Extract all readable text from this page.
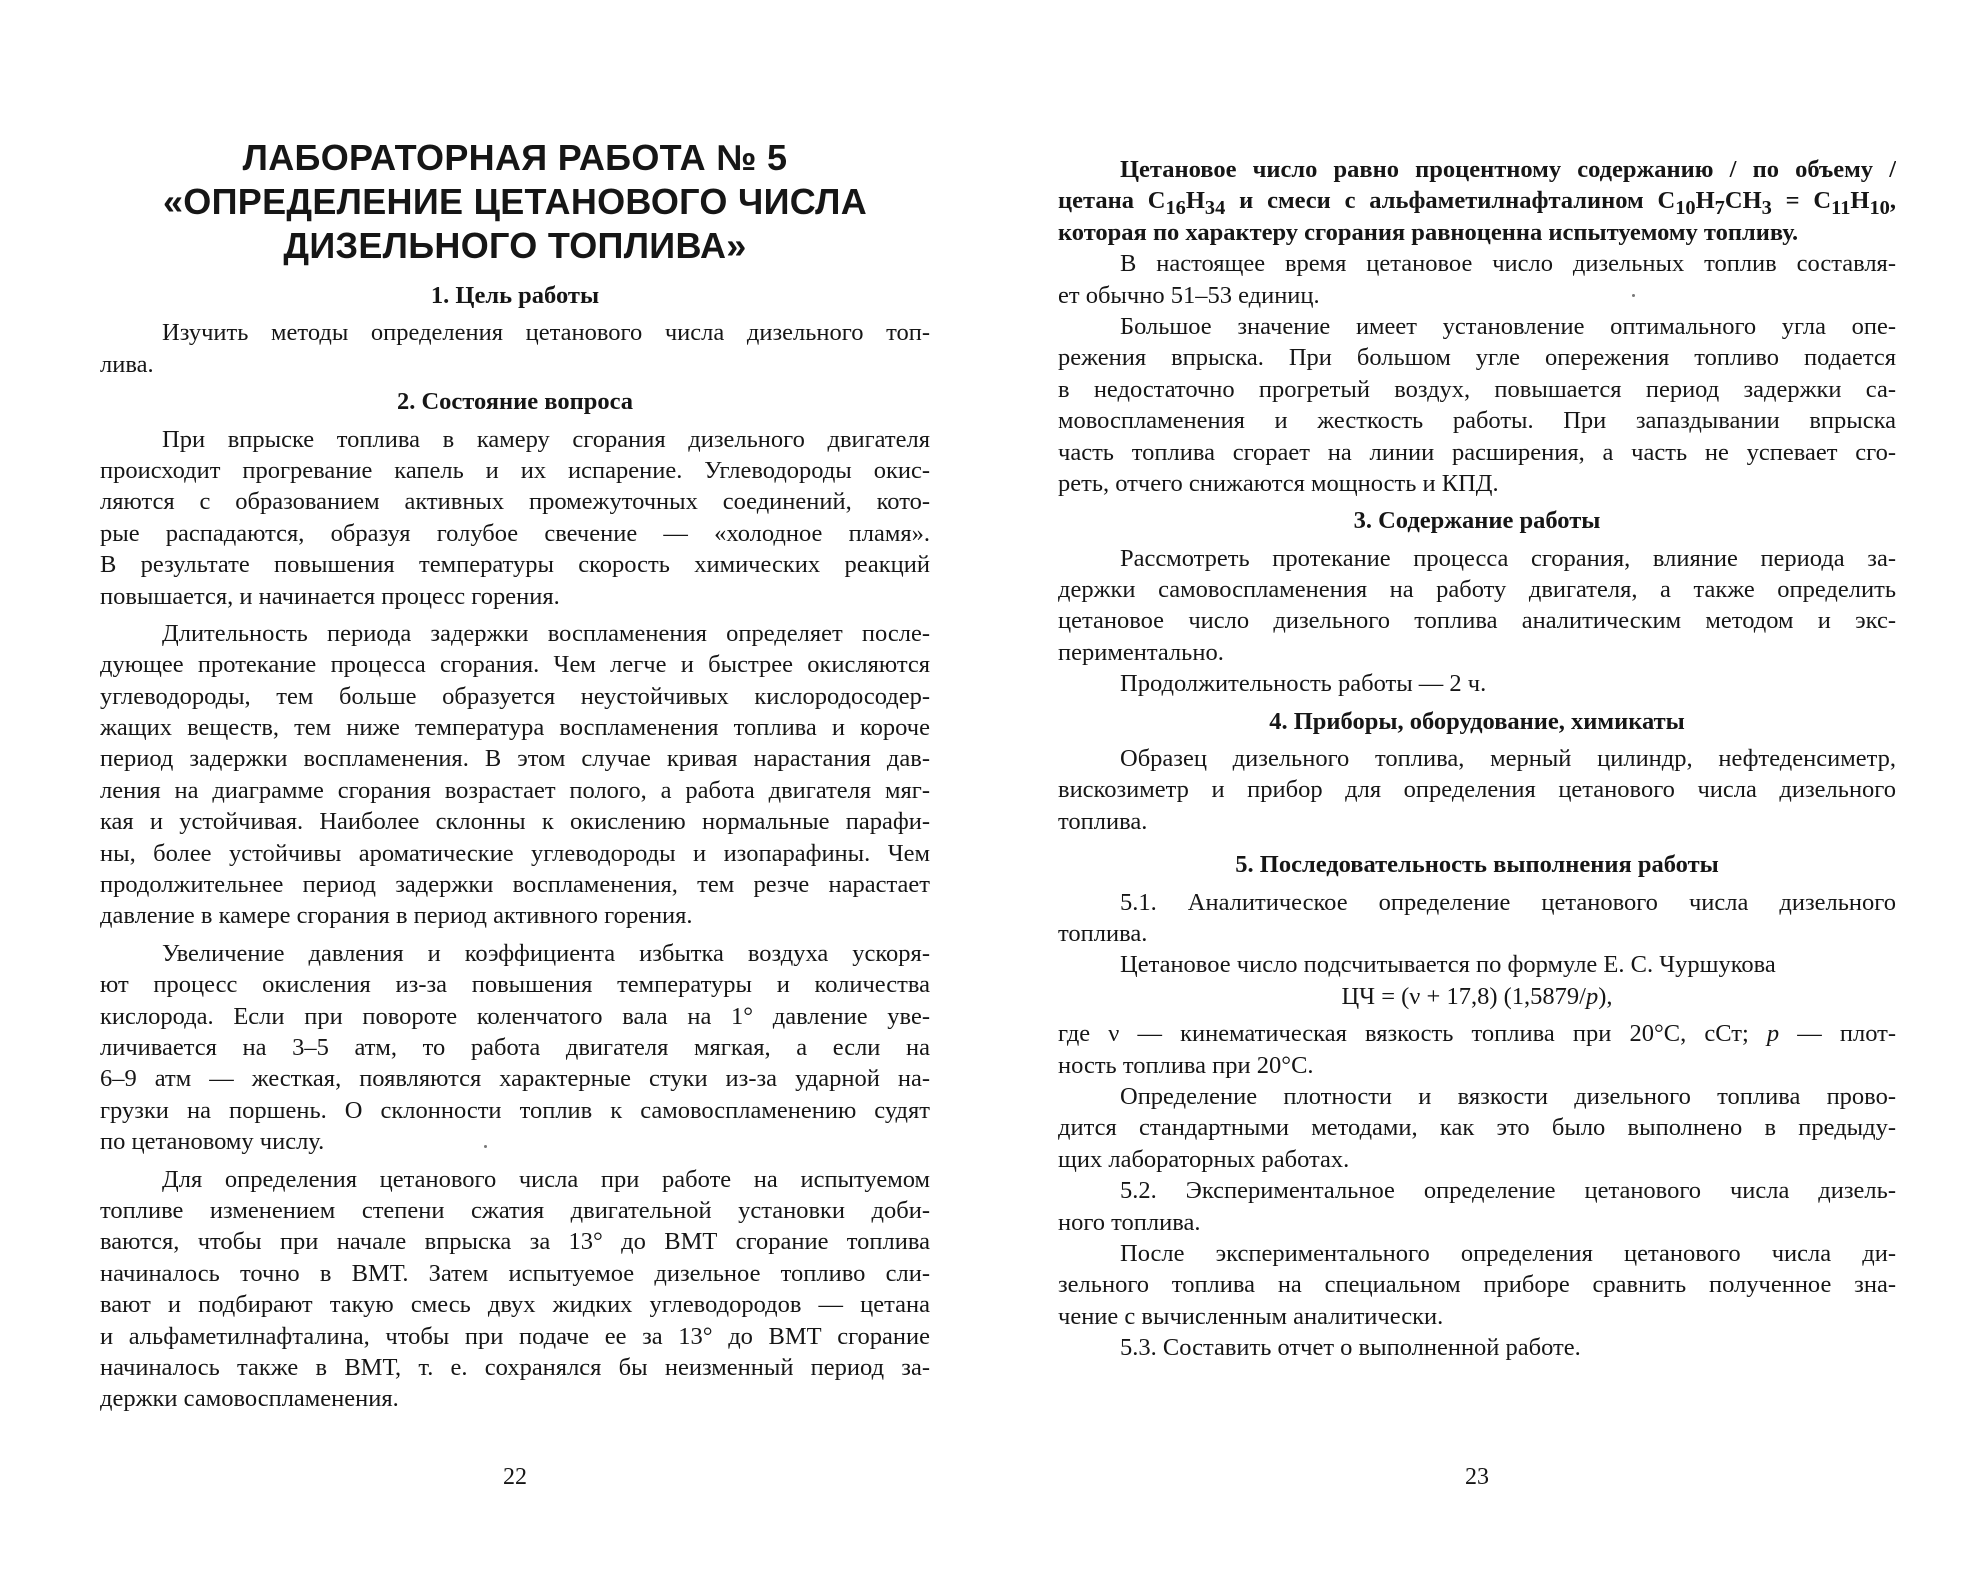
ЛАБОРАТОРНАЯ РАБОТА № 5
«ОПРЕДЕЛЕНИЕ ЦЕТАНОВОГО ЧИСЛА
ДИЗЕЛЬНОГО ТОПЛИВА»
1. Цель работы
Изучить методы определения цетанового числа дизельного топ-
лива.
2. Состояние вопроса
При впрыске топлива в камеру сгорания дизельного двигателя
происходит прогревание капель и их испарение. Углеводороды окис-
ляются с образованием активных промежуточных соединений, кото-
рые распадаются, образуя голубое свечение — «холодное пламя».
В результате повышения температуры скорость химических реакций
повышается, и начинается процесс горения.
Длительность периода задержки воспламенения определяет после-
дующее протекание процесса сгорания. Чем легче и быстрее окисляются
углеводороды, тем больше образуется неустойчивых кислородосодер-
жащих веществ, тем ниже температура воспламенения топлива и короче
период задержки воспламенения. В этом случае кривая нарастания дав-
ления на диаграмме сгорания возрастает полого, а работа двигателя мяг-
кая и устойчивая. Наиболее склонны к окислению нормальные парафи-
ны, более устойчивы ароматические углеводороды и изопарафины. Чем
продолжительнее период задержки воспламенения, тем резче нарастает
давление в камере сгорания в период активного горения.
Увеличение давления и коэффициента избытка воздуха ускоря-
ют процесс окисления из-за повышения температуры и количества
кислорода. Если при повороте коленчатого вала на 1° давление уве-
личивается на 3–5 атм, то работа двигателя мягкая, а если на
6–9 атм — жесткая, появляются характерные стуки из-за ударной на-
грузки на поршень. О склонности топлив к самовоспламенению судят
по цетановому числу.
Для определения цетанового числа при работе на испытуемом
топливе изменением степени сжатия двигательной установки доби-
ваются, чтобы при начале впрыска за 13° до ВМТ сгорание топлива
начиналось точно в ВМТ. Затем испытуемое дизельное топливо сли-
вают и подбирают такую смесь двух жидких углеводородов — цетана
и альфаметилнафталина, чтобы при подаче ее за 13° до ВМТ сгорание
начиналось также в ВМТ, т. е. сохранялся бы неизменный период за-
держки самовоспламенения.
22
Цетановое число равно процентному содержанию / по объему /
цетана $C_{16}H_{34}$ и смеси с альфаметилнафталином $C_{10}H_7CH_3 = C_{11}H_{10}$,
которая по характеру сгорания равноценна испытуемому топливу.
В настоящее время цетановое число дизельных топлив составля-
ет обычно 51–53 единиц.
Большое значение имеет установление оптимального угла опе-
режения впрыска. При большом угле опережения топливо подается
в недостаточно прогретый воздух, повышается период задержки са-
мовоспламенения и жесткость работы. При запаздывании впрыска
часть топлива сгорает на линии расширения, а часть не успевает сго-
реть, отчего снижаются мощность и КПД.
3. Содержание работы
Рассмотреть протекание процесса сгорания, влияние периода за-
держки самовоспламенения на работу двигателя, а также определить
цетановое число дизельного топлива аналитическим методом и экс-
периментально.
Продолжительность работы — 2 ч.
4. Приборы, оборудование, химикаты
Образец дизельного топлива, мерный цилиндр, нефтеденсиметр,
вискозиметр и прибор для определения цетанового числа дизельного
топлива.
5. Последовательность выполнения работы
5.1. Аналитическое определение цетанового числа дизельного
топлива.
Цетановое число подсчитывается по формуле Е. С. Чуршукова
ЦЧ = (ν + 17,8) (1,5879/p),
где ν — кинематическая вязкость топлива при 20°С, сСт; p — плот-
ность топлива при 20°С.
Определение плотности и вязкости дизельного топлива прово-
дится стандартными методами, как это было выполнено в предыду-
щих лабораторных работах.
5.2. Экспериментальное определение цетанового числа дизель-
ного топлива.
После экспериментального определения цетанового числа ди-
зельного топлива на специальном приборе сравнить полученное зна-
чение с вычисленным аналитически.
5.3. Составить отчет о выполненной работе.
23
